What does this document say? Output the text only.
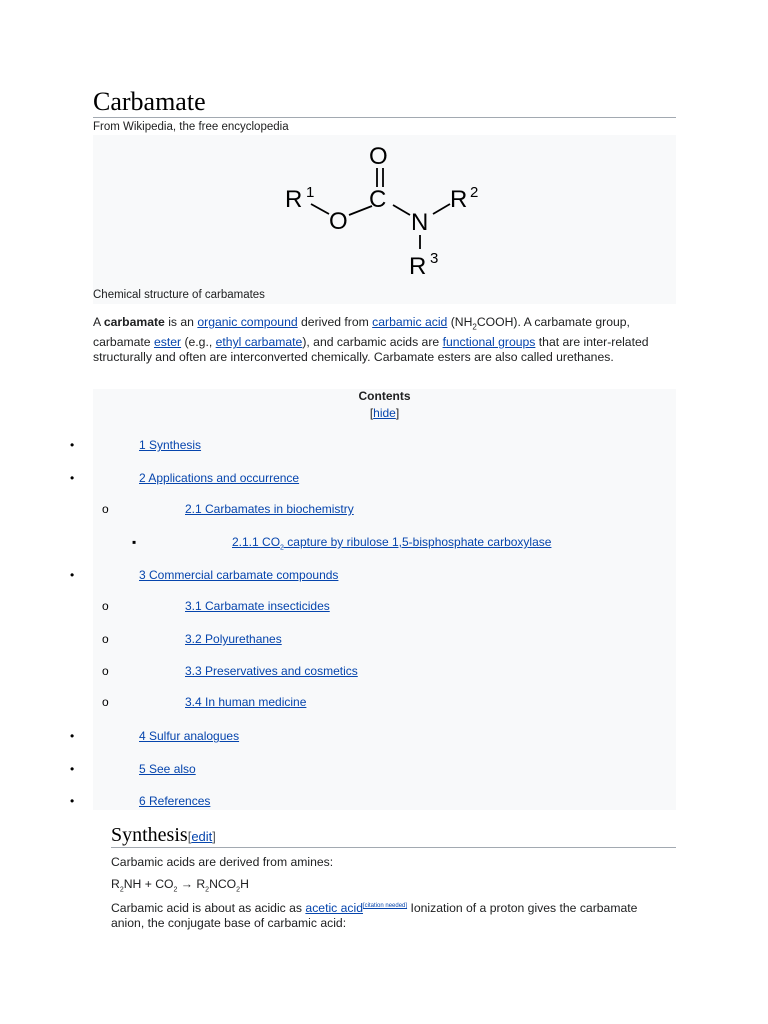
Carbamate
From Wikipedia, the free encyclopedia
O
C
O	N
R 1	R 2
R 3
Chemical structure of carbamates

A carbamate is an organic compound derived from carbamic acid $(NH_2COOH)$. A carbamate group, carbamate ester (e.g., ethyl carbamate), and carbamic acids are functional groups that are inter-related structurally and often are interconverted chemically. Carbamate esters are also called urethanes.

Contents
[hide]
•	1 Synthesis
•	2 Applications and occurrence
o	2.1 Carbamates in biochemistry
▪	2.1.1 $CO_2$ capture by ribulose 1,5-bisphosphate carboxylase
•	3 Commercial carbamate compounds
o	3.1 Carbamate insecticides
o	3.2 Polyurethanes
o	3.3 Preservatives and cosmetics
o	3.4 In human medicine
•	4 Sulfur analogues
•	5 See also
•	6 References
Synthesis[edit]

Carbamic acids are derived from amines:

$R_2NH + CO_2 \to R_2NCO_2H$

Carbamic acid is about as acidic as acetic acid[citation needed] Ionization of a proton gives the carbamate anion, the conjugate base of carbamic acid:
